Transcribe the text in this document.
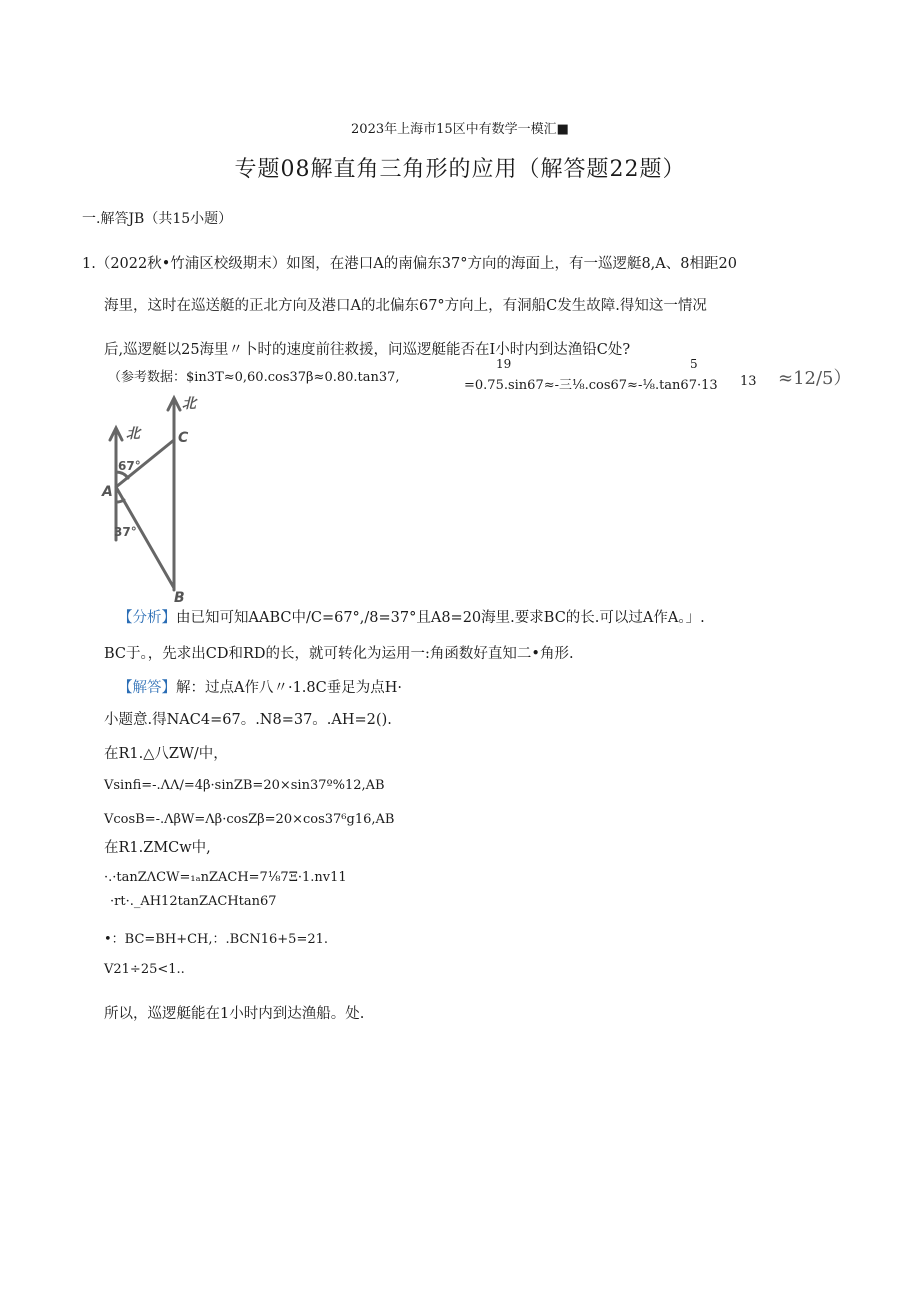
2023年上海市15区中有数学一模汇■
专题08解直角三角形的应用（解答题22题）
一.解答JB（共15小题）
1.（2022秋•竹浦区校级期末）如图，在港口A的南偏东37°方向的海面上，有一巡逻艇8,A、8相距20
海里，这时在巡送艇的正北方向及港口A的北偏东67°方向上，有洞船C发生故障.得知这一情况
后,巡逻艇以25海里〃卜时的速度前往救援，问巡逻艇能否在I小时内到达渔铅C处?
（参考数据：$in3T≈0,60.cos37β≈0.80.tan37,
19	5
=0.75.sin67≈-三⅛.cos67≈-⅛.tan67·13 13 ≈12/5）
北
北	C
A
B
67°
37°
【分析】由已知可知AABC中/C=67°,/8=37°且A8=20海里.要求BC的长.可以过A作A。」.
BC于。，先求出CD和RD的长，就可转化为运用一:角函数好直知二•角形.
【解答】解：过点A作八〃·1.8C垂足为点H·
小题意.得NAC4=67。.N8=37。.AH=2().
在R1.△八ZW/中，
Vsinfi=-.ΛΛ∕=4β·sinZB=20×sin37º%12,AB
VcosB=-.ΛβW=Λβ·cosZβ=20×cos37⁶g16,AB
在R1.ZMCw中,
·.·tanZΛCW=₁ₐnZACH=7⅛7Ξ·1.nv11
·rt·._AH12tanZACHtan67
•：BC=BH+CH,：.BCN16+5=21.
V21÷25<1..
所以，巡逻艇能在1小时内到达渔船。处.
